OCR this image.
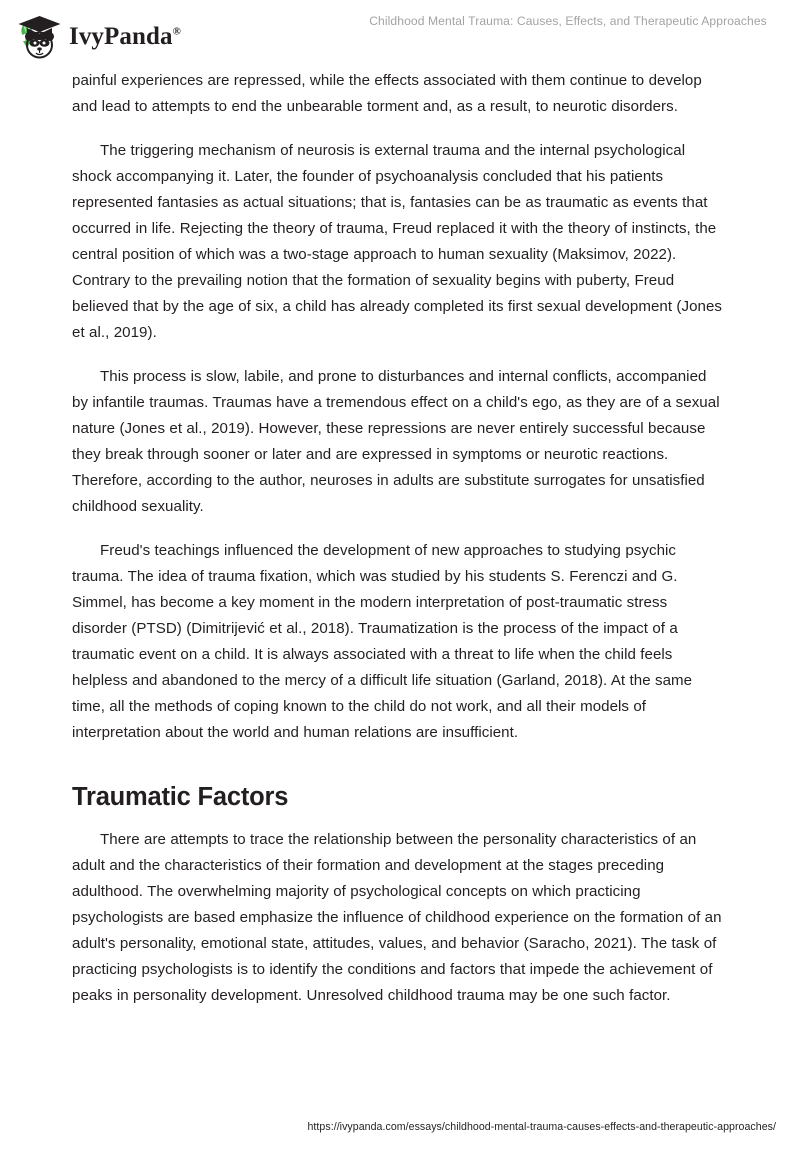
IvyPanda®
Childhood Mental Trauma: Causes, Effects, and Therapeutic Approaches

painful experiences are repressed, while the effects associated with them continue to develop and lead to attempts to end the unbearable torment and, as a result, to neurotic disorders.

The triggering mechanism of neurosis is external trauma and the internal psychological shock accompanying it. Later, the founder of psychoanalysis concluded that his patients represented fantasies as actual situations; that is, fantasies can be as traumatic as events that occurred in life. Rejecting the theory of trauma, Freud replaced it with the theory of instincts, the central position of which was a two-stage approach to human sexuality (Maksimov, 2022). Contrary to the prevailing notion that the formation of sexuality begins with puberty, Freud believed that by the age of six, a child has already completed its first sexual development (Jones et al., 2019).

This process is slow, labile, and prone to disturbances and internal conflicts, accompanied by infantile traumas. Traumas have a tremendous effect on a child's ego, as they are of a sexual nature (Jones et al., 2019). However, these repressions are never entirely successful because they break through sooner or later and are expressed in symptoms or neurotic reactions. Therefore, according to the author, neuroses in adults are substitute surrogates for unsatisfied childhood sexuality.

Freud's teachings influenced the development of new approaches to studying psychic trauma. The idea of trauma fixation, which was studied by his students S. Ferenczi and G. Simmel, has become a key moment in the modern interpretation of post-traumatic stress disorder (PTSD) (Dimitrijević et al., 2018). Traumatization is the process of the impact of a traumatic event on a child. It is always associated with a threat to life when the child feels helpless and abandoned to the mercy of a difficult life situation (Garland, 2018). At the same time, all the methods of coping known to the child do not work, and all their models of interpretation about the world and human relations are insufficient.

Traumatic Factors

There are attempts to trace the relationship between the personality characteristics of an adult and the characteristics of their formation and development at the stages preceding adulthood. The overwhelming majority of psychological concepts on which practicing psychologists are based emphasize the influence of childhood experience on the formation of an adult's personality, emotional state, attitudes, values, and behavior (Saracho, 2021). The task of practicing psychologists is to identify the conditions and factors that impede the achievement of peaks in personality development. Unresolved childhood trauma may be one such factor.

https://ivypanda.com/essays/childhood-mental-trauma-causes-effects-and-therapeutic-approaches/
